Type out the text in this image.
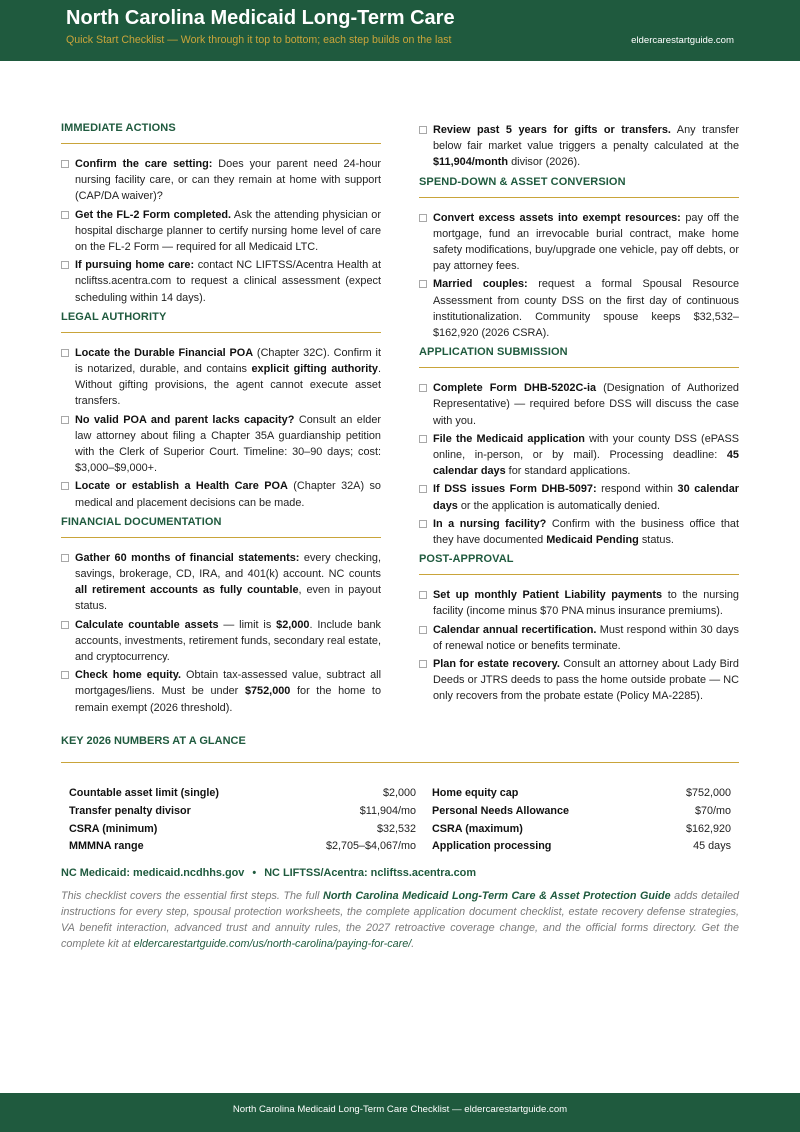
North Carolina Medicaid Long-Term Care
Quick Start Checklist — Work through it top to bottom; each step builds on the last	eldercarestartguide.com
IMMEDIATE ACTIONS
Confirm the care setting: Does your parent need 24-hour nursing facility care, or can they remain at home with support (CAP/DA waiver)?
Get the FL-2 Form completed. Ask the attending physician or hospital discharge planner to certify nursing home level of care on the FL-2 Form — required for all Medicaid LTC.
If pursuing home care: contact NC LIFTSS/Acentra Health at ncliftss.acentra.com to request a clinical assessment (expect scheduling within 14 days).
LEGAL AUTHORITY
Locate the Durable Financial POA (Chapter 32C). Confirm it is notarized, durable, and contains explicit gifting authority. Without gifting provisions, the agent cannot execute asset transfers.
No valid POA and parent lacks capacity? Consult an elder law attorney about filing a Chapter 35A guardianship petition with the Clerk of Superior Court. Timeline: 30–90 days; cost: $3,000–$9,000+.
Locate or establish a Health Care POA (Chapter 32A) so medical and placement decisions can be made.
FINANCIAL DOCUMENTATION
Gather 60 months of financial statements: every checking, savings, brokerage, CD, IRA, and 401(k) account. NC counts all retirement accounts as fully countable, even in payout status.
Calculate countable assets — limit is $2,000. Include bank accounts, investments, retirement funds, secondary real estate, and cryptocurrency.
Check home equity. Obtain tax-assessed value, subtract all mortgages/liens. Must be under $752,000 for the home to remain exempt (2026 threshold).
Review past 5 years for gifts or transfers. Any transfer below fair market value triggers a penalty calculated at the $11,904/month divisor (2026).
SPEND-DOWN & ASSET CONVERSION
Convert excess assets into exempt resources: pay off the mortgage, fund an irrevocable burial contract, make home safety modifications, buy/upgrade one vehicle, pay off debts, or pay attorney fees.
Married couples: request a formal Spousal Resource Assessment from county DSS on the first day of continuous institutionalization. Community spouse keeps $32,532–$162,920 (2026 CSRA).
APPLICATION SUBMISSION
Complete Form DHB-5202C-ia (Designation of Authorized Representative) — required before DSS will discuss the case with you.
File the Medicaid application with your county DSS (ePASS online, in-person, or by mail). Processing deadline: 45 calendar days for standard applications.
If DSS issues Form DHB-5097: respond within 30 calendar days or the application is automatically denied.
In a nursing facility? Confirm with the business office that they have documented Medicaid Pending status.
POST-APPROVAL
Set up monthly Patient Liability payments to the nursing facility (income minus $70 PNA minus insurance premiums).
Calendar annual recertification. Must respond within 30 days of renewal notice or benefits terminate.
Plan for estate recovery. Consult an attorney about Lady Bird Deeds or JTRS deeds to pass the home outside probate — NC only recovers from the probate estate (Policy MA-2285).
KEY 2026 NUMBERS AT A GLANCE
Countable asset limit (single)	$2,000
Transfer penalty divisor	$11,904/mo
CSRA (minimum)	$32,532
MMMNA range	$2,705–$4,067/mo
Home equity cap	$752,000
Personal Needs Allowance	$70/mo
CSRA (maximum)	$162,920
Application processing	45 days
NC Medicaid: medicaid.ncdhhs.gov • NC LIFTSS/Acentra: ncliftss.acentra.com
This checklist covers the essential first steps. The full North Carolina Medicaid Long-Term Care & Asset Protection Guide adds detailed instructions for every step, spousal protection worksheets, the complete application document checklist, estate recovery defense strategies, VA benefit interaction, advanced trust and annuity rules, the 2027 retroactive coverage change, and the official forms directory. Get the complete kit at eldercarestartguide.com/us/north-carolina/paying-for-care/.
North Carolina Medicaid Long-Term Care Checklist — eldercarestartguide.com
